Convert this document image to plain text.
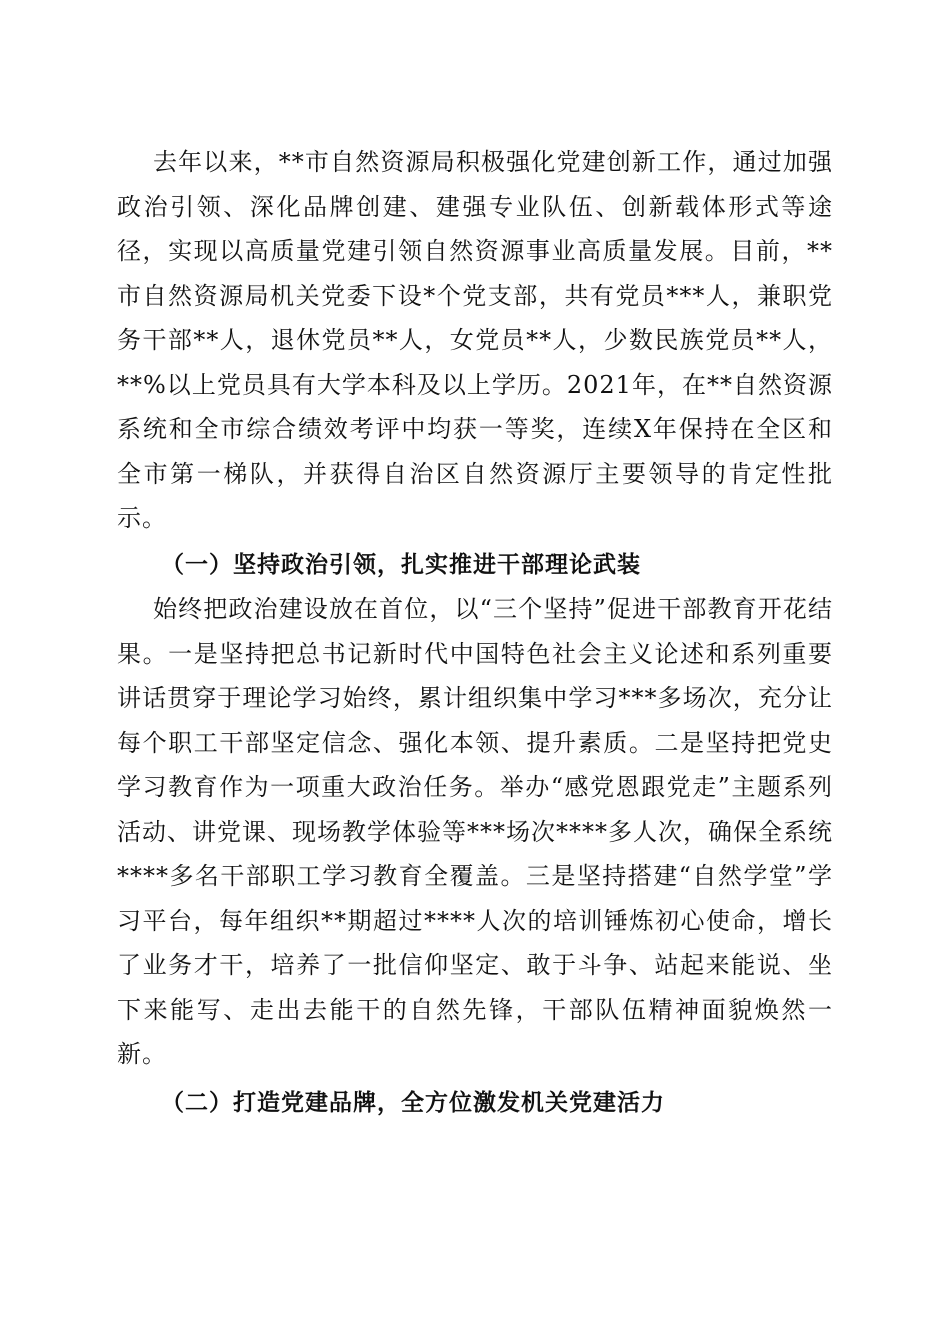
去年以来，**市自然资源局积极强化党建创新工作，通过加强政治引领、深化品牌创建、建强专业队伍、创新载体形式等途径，实现以高质量党建引领自然资源事业高质量发展。目前，**市自然资源局机关党委下设*个党支部，共有党员***人，兼职党务干部**人，退休党员**人，女党员**人，少数民族党员**人，**%以上党员具有大学本科及以上学历。2021年，在**自然资源系统和全市综合绩效考评中均获一等奖，连续X年保持在全区和全市第一梯队，并获得自治区自然资源厅主要领导的肯定性批示。

（一）坚持政治引领，扎实推进干部理论武装

始终把政治建设放在首位，以“三个坚持”促进干部教育开花结果。一是坚持把总书记新时代中国特色社会主义论述和系列重要讲话贯穿于理论学习始终，累计组织集中学习***多场次，充分让每个职工干部坚定信念、强化本领、提升素质。二是坚持把党史学习教育作为一项重大政治任务。举办“感党恩跟党走”主题系列活动、讲党课、现场教学体验等***场次****多人次，确保全系统****多名干部职工学习教育全覆盖。三是坚持搭建“自然学堂”学习平台，每年组织**期超过****人次的培训锤炼初心使命，增长了业务才干，培养了一批信仰坚定、敢于斗争、站起来能说、坐下来能写、走出去能干的自然先锋，干部队伍精神面貌焕然一新。

（二）打造党建品牌，全方位激发机关党建活力
